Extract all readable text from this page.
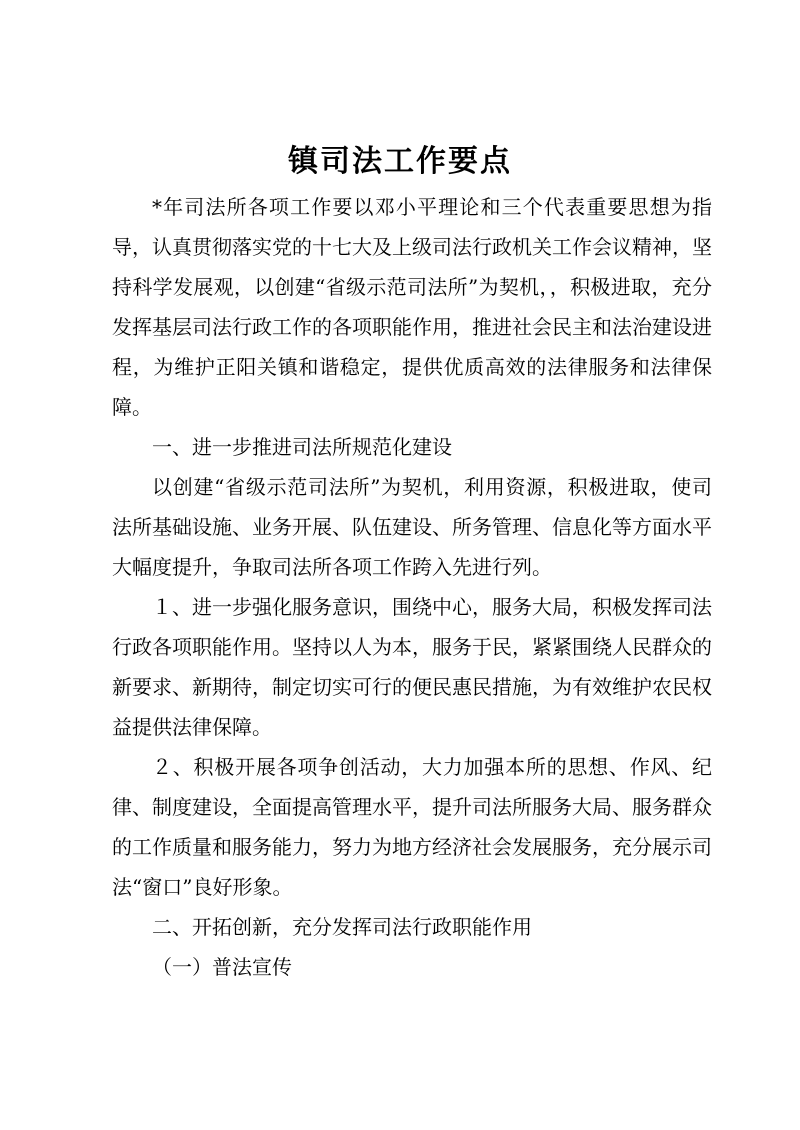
镇司法工作要点
*年司法所各项工作要以邓小平理论和三个代表重要思想为指导，认真贯彻落实党的十七大及上级司法行政机关工作会议精神，坚持科学发展观，以创建“省级示范司法所”为契机，，积极进取，充分发挥基层司法行政工作的各项职能作用，推进社会民主和法治建设进程，为维护正阳关镇和谐稳定，提供优质高效的法律服务和法律保障。
一、进一步推进司法所规范化建设
以创建“省级示范司法所”为契机，利用资源，积极进取，使司法所基础设施、业务开展、队伍建设、所务管理、信息化等方面水平大幅度提升，争取司法所各项工作跨入先进行列。
１、进一步强化服务意识，围绕中心，服务大局，积极发挥司法行政各项职能作用。坚持以人为本，服务于民，紧紧围绕人民群众的新要求、新期待，制定切实可行的便民惠民措施，为有效维护农民权益提供法律保障。
２、积极开展各项争创活动，大力加强本所的思想、作风、纪律、制度建设，全面提高管理水平，提升司法所服务大局、服务群众的工作质量和服务能力，努力为地方经济社会发展服务，充分展示司法“窗口”良好形象。
二、开拓创新，充分发挥司法行政职能作用
（一）普法宣传
